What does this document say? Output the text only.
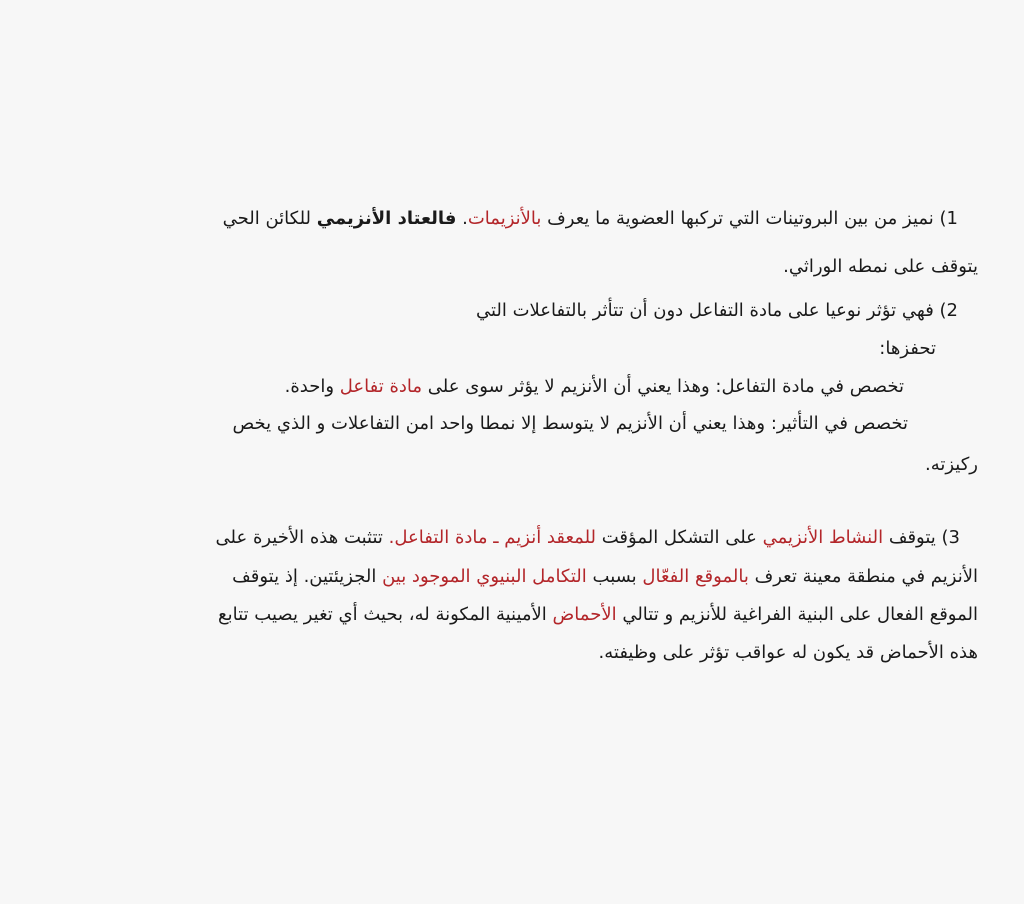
1) نميز من بين البروتينات التي تركبها العضوية ما يعرف بالأنزيمات. فالعتاد الأنزيمي للكائن الحي
يتوقف على نمطه الوراثي.
2) فهي تؤثر نوعيا على مادة التفاعل دون أن تتأثر بالتفاعلات التي
تحفزها:
تخصص في مادة التفاعل: وهذا يعني أن الأنزيم لا يؤثر سوى على مادة تفاعل واحدة.
تخصص في التأثير: وهذا يعني أن الأنزيم لا يتوسط إلا نمطا واحد امن التفاعلات و الذي يخص
ركيزته.
3) يتوقف النشاط الأنزيمي على التشكل المؤقت للمعقد أنزيم ـ مادة التفاعل. تتثبت هذه الأخيرة على
الأنزيم في منطقة معينة تعرف بالموقع الفعّال بسبب التكامل البنيوي الموجود بين الجزيئتين. إذ يتوقف
الموقع الفعال على البنية الفراغية للأنزيم و تتالي الأحماض الأمينية المكونة له، بحيث أي تغير يصيب تتابع
هذه الأحماض قد يكون له عواقب تؤثر على وظيفته.
